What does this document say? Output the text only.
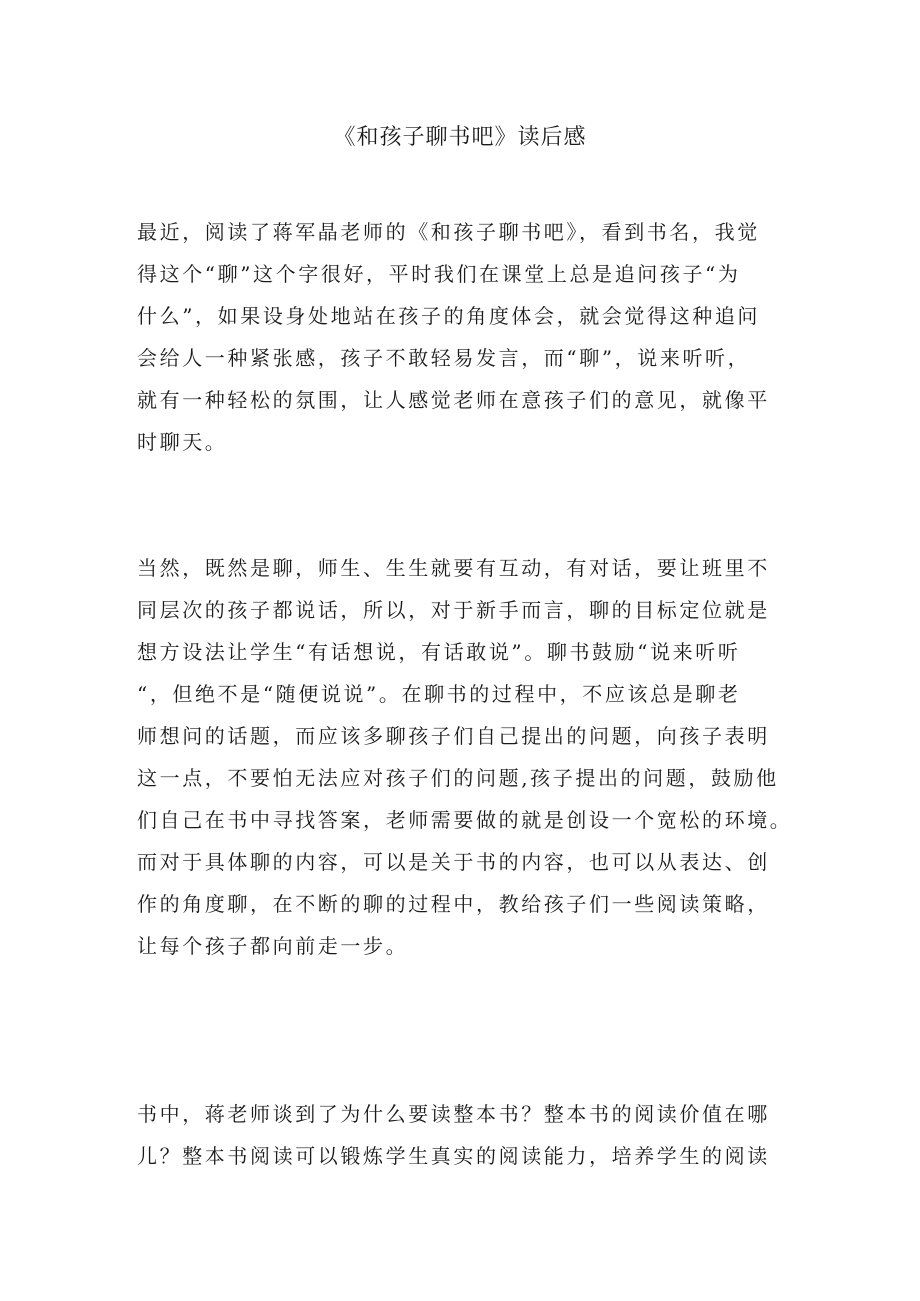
《和孩子聊书吧》读后感
最近，阅读了蒋军晶老师的《和孩子聊书吧》，看到书名，我觉
得这个“聊”这个字很好，平时我们在课堂上总是追问孩子“为
什么”，如果设身处地站在孩子的角度体会，就会觉得这种追问
会给人一种紧张感，孩子不敢轻易发言，而“聊”，说来听听，
就有一种轻松的氛围，让人感觉老师在意孩子们的意见，就像平
时聊天。
当然，既然是聊，师生、生生就要有互动，有对话，要让班里不
同层次的孩子都说话，所以，对于新手而言，聊的目标定位就是
想方设法让学生“有话想说，有话敢说”。聊书鼓励“说来听听
“，但绝不是“随便说说”。在聊书的过程中，不应该总是聊老
师想问的话题，而应该多聊孩子们自己提出的问题，向孩子表明
这一点，不要怕无法应对孩子们的问题,孩子提出的问题，鼓励他
们自己在书中寻找答案，老师需要做的就是创设一个宽松的环境。
而对于具体聊的内容，可以是关于书的内容，也可以从表达、创
作的角度聊，在不断的聊的过程中，教给孩子们一些阅读策略，
让每个孩子都向前走一步。
书中，蒋老师谈到了为什么要读整本书？整本书的阅读价值在哪
儿？整本书阅读可以锻炼学生真实的阅读能力，培养学生的阅读
